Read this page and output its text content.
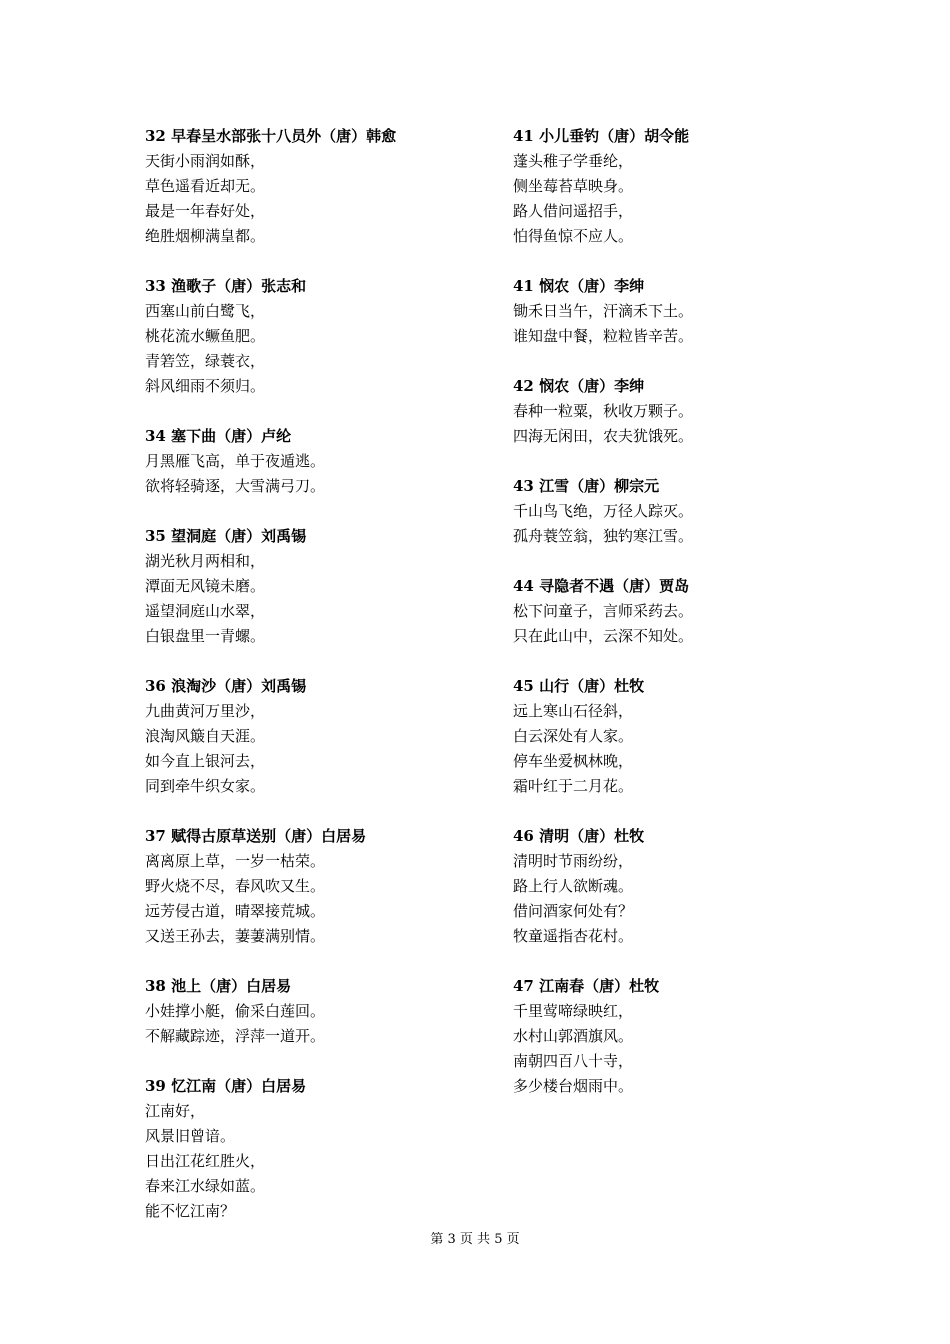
32 早春呈水部张十八员外（唐）韩愈
天街小雨润如酥，
草色遥看近却无。
最是一年春好处，
绝胜烟柳满皇都。
33 渔歌子（唐）张志和
西塞山前白鹭飞，
桃花流水鳜鱼肥。
青箬笠，绿蓑衣，
斜风细雨不须归。
34 塞下曲（唐）卢纶
月黑雁飞高，单于夜遁逃。
欲将轻骑逐，大雪满弓刀。
35 望洞庭（唐）刘禹锡
湖光秋月两相和，
潭面无风镜未磨。
遥望洞庭山水翠，
白银盘里一青螺。
36 浪淘沙（唐）刘禹锡
九曲黄河万里沙，
浪淘风簸自天涯。
如今直上银河去，
同到牵牛织女家。
37 赋得古原草送别（唐）白居易
离离原上草，一岁一枯荣。
野火烧不尽，春风吹又生。
远芳侵古道，晴翠接荒城。
又送王孙去，萋萋满别情。
38 池上（唐）白居易
小娃撑小艇，偷采白莲回。
不解藏踪迹，浮萍一道开。
39 忆江南（唐）白居易
江南好，
风景旧曾谙。
日出江花红胜火，
春来江水绿如蓝。
能不忆江南？
41 小儿垂钓（唐）胡令能
蓬头稚子学垂纶，
侧坐莓苔草映身。
路人借问遥招手，
怕得鱼惊不应人。
41 悯农（唐）李绅
锄禾日当午，汗滴禾下土。
谁知盘中餐，粒粒皆辛苦。
42 悯农（唐）李绅
春种一粒粟，秋收万颗子。
四海无闲田，农夫犹饿死。
43 江雪（唐）柳宗元
千山鸟飞绝，万径人踪灭。
孤舟蓑笠翁，独钓寒江雪。
44 寻隐者不遇（唐）贾岛
松下问童子，言师采药去。
只在此山中，云深不知处。
45 山行（唐）杜牧
远上寒山石径斜，
白云深处有人家。
停车坐爱枫林晚，
霜叶红于二月花。
46 清明（唐）杜牧
清明时节雨纷纷，
路上行人欲断魂。
借问酒家何处有？
牧童遥指杏花村。
47 江南春（唐）杜牧
千里莺啼绿映红，
水村山郭酒旗风。
南朝四百八十寺，
多少楼台烟雨中。
第 3 页 共 5 页
